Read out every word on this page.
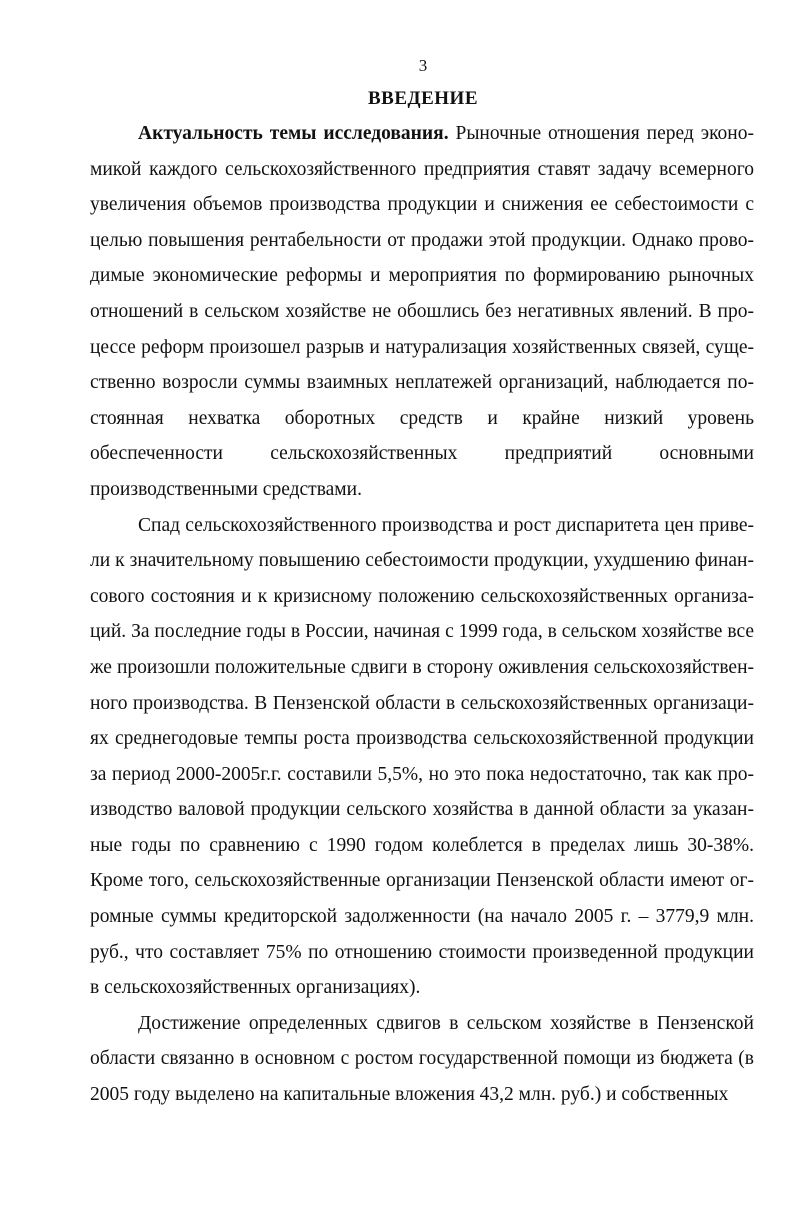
3
ВВЕДЕНИЕ

Актуальность темы исследования. Рыночные отношения перед экономикой каждого сельскохозяйственного предприятия ставят задачу всемерного увеличения объемов производства продукции и снижения ее себестоимости с целью повышения рентабельности от продажи этой продукции. Однако проводимые экономические реформы и мероприятия по формированию рыночных отношений в сельском хозяйстве не обошлись без негативных явлений. В процессе реформ произошел разрыв и натурализация хозяйственных связей, существенно возросли суммы взаимных неплатежей организаций, наблюдается постоянная нехватка оборотных средств и крайне низкий уровень обеспеченности сельскохозяйственных предприятий основными производственными средствами.

Спад сельскохозяйственного производства и рост диспаритета цен привели к значительному повышению себестоимости продукции, ухудшению финансового состояния и к кризисному положению сельскохозяйственных организаций. За последние годы в России, начиная с 1999 года, в сельском хозяйстве все же произошли положительные сдвиги в сторону оживления сельскохозяйственного производства. В Пензенской области в сельскохозяйственных организациях среднегодовые темпы роста производства сельскохозяйственной продукции за период 2000-2005г.г. составили 5,5%, но это пока недостаточно, так как производство валовой продукции сельского хозяйства в данной области за указанные годы по сравнению с 1990 годом колеблется в пределах лишь 30-38%. Кроме того, сельскохозяйственные организации Пензенской области имеют огромные суммы кредиторской задолженности (на начало 2005 г. – 3779,9 млн. руб., что составляет 75% по отношению стоимости произведенной продукции в сельскохозяйственных организациях).

Достижение определенных сдвигов в сельском хозяйстве в Пензенской области связанно в основном с ростом государственной помощи из бюджета (в 2005 году выделено на капитальные вложения 43,2 млн. руб.) и собственных
